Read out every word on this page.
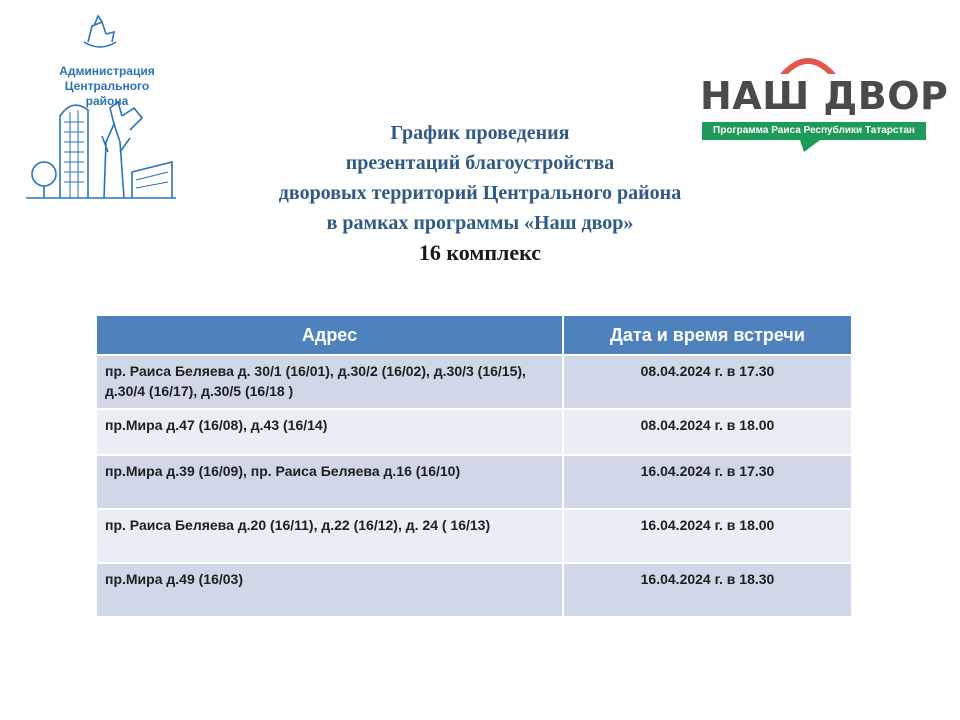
Администрация
Центрального района	НАШ ДВОР

Программа Раиса Республики Татарстан
График проведения
презентаций благоустройства
дворовых территорий Центрального района
в рамках программы «Наш двор»
16 комплекс
Адрес	Дата и время встречи
пр. Раиса Беляева д. 30/1 (16/01), д.30/2 (16/02), д.30/3 (16/15), д.30/4 (16/17), д.30/5 (16/18 )	08.04.2024 г. в 17.30
пр.Мира д.47 (16/08), д.43 (16/14)	08.04.2024 г. в 18.00
пр.Мира д.39 (16/09), пр. Раиса Беляева д.16 (16/10)	16.04.2024 г. в 17.30
пр. Раиса Беляева д.20 (16/11), д.22 (16/12), д. 24 ( 16/13)	16.04.2024 г. в 18.00
пр.Мира д.49 (16/03)	16.04.2024 г. в 18.30
